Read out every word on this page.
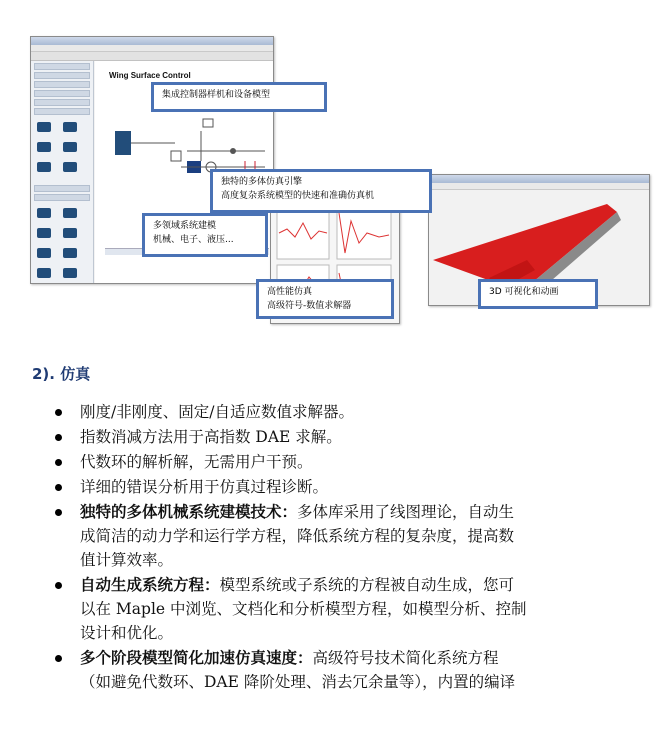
Wing Surface Control
集成控制器样机和设备模型
独特的多体仿真引擎
高度复杂系统模型的快速和准确仿真机
多领域系统建模
机械、电子、液压...
高性能仿真
高级符号-数值求解器
3D 可视化和动画
2). 仿真
刚度/非刚度、固定/自适应数值求解器。
指数消减方法用于高指数 DAE 求解。
代数环的解析解，无需用户干预。
详细的错误分析用于仿真过程诊断。
独特的多体机械系统建模技术：多体库采用了线图理论，自动生
成简洁的动力学和运行学方程，降低系统方程的复杂度，提高数
值计算效率。
自动生成系统方程：模型系统或子系统的方程被自动生成，您可
以在 Maple 中浏览、文档化和分析模型方程，如模型分析、控制
设计和优化。
多个阶段模型简化加速仿真速度：高级符号技术简化系统方程
（如避免代数环、DAE 降阶处理、消去冗余量等），内置的编译
